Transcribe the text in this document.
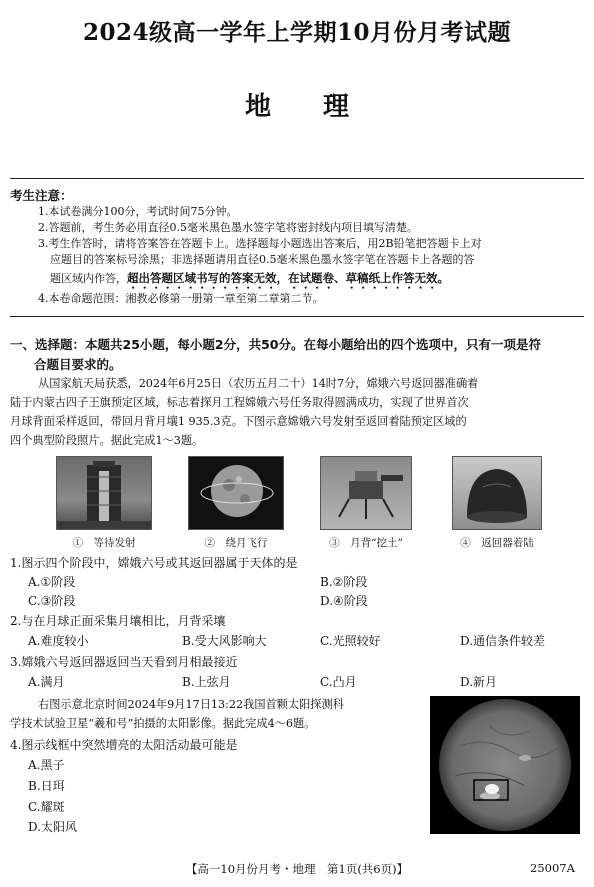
2024级高一学年上学期10月份月考试题
地理
考生注意：
1.本试卷满分100分，考试时间75分钟。
2.答题前，考生务必用直径0.5毫米黑色墨水签字笔将密封线内项目填写清楚。
3.考生作答时，请将答案答在答题卡上。选择题每小题选出答案后，用2B铅笔把答题卡上对
应题目的答案标号涂黑；非选择题请用直径0.5毫米黑色墨水签字笔在答题卡上各题的答
题区域内作答，超出答题区域书写的答案无效，在试题卷、草稿纸上作答无效。
4.本卷命题范围：湘教必修第一册第一章至第二章第二节。
一、选择题：本题共25小题，每小题2分，共50分。在每小题给出的四个选项中，只有一项是符
合题目要求的。
从国家航天局获悉，2024年6月25日（农历五月二十）14时7分，嫦娥六号返回器准确着
陆于内蒙古四子王旗预定区域，标志着探月工程嫦娥六号任务取得圆满成功，实现了世界首次
月球背面采样返回，带回月背月壤1 935.3克。下图示意嫦娥六号发射至返回着陆预定区域的
四个典型阶段照片。据此完成1～3题。
①　等待发射	②　绕月飞行	③　月背“挖土”	④　返回器着陆
1.图示四个阶段中，嫦娥六号或其返回器属于天体的是
A.①阶段	B.②阶段
C.③阶段	D.④阶段
2.与在月球正面采集月壤相比，月背采壤
A.难度较小	B.受大风影响大	C.光照较好	D.通信条件较差
3.嫦娥六号返回器返回当天看到月相最接近
A.满月	B.上弦月	C.凸月	D.新月
右图示意北京时间2024年9月17日13:22我国首颗太阳探测科
学技术试验卫星“羲和号”拍摄的太阳影像。据此完成4～6题。
4.图示线框中突然增亮的太阳活动最可能是
A.黑子
B.日珥
C.耀斑
D.太阳风
【高一10月份月考・地理　第1页(共6页)】	25007A
